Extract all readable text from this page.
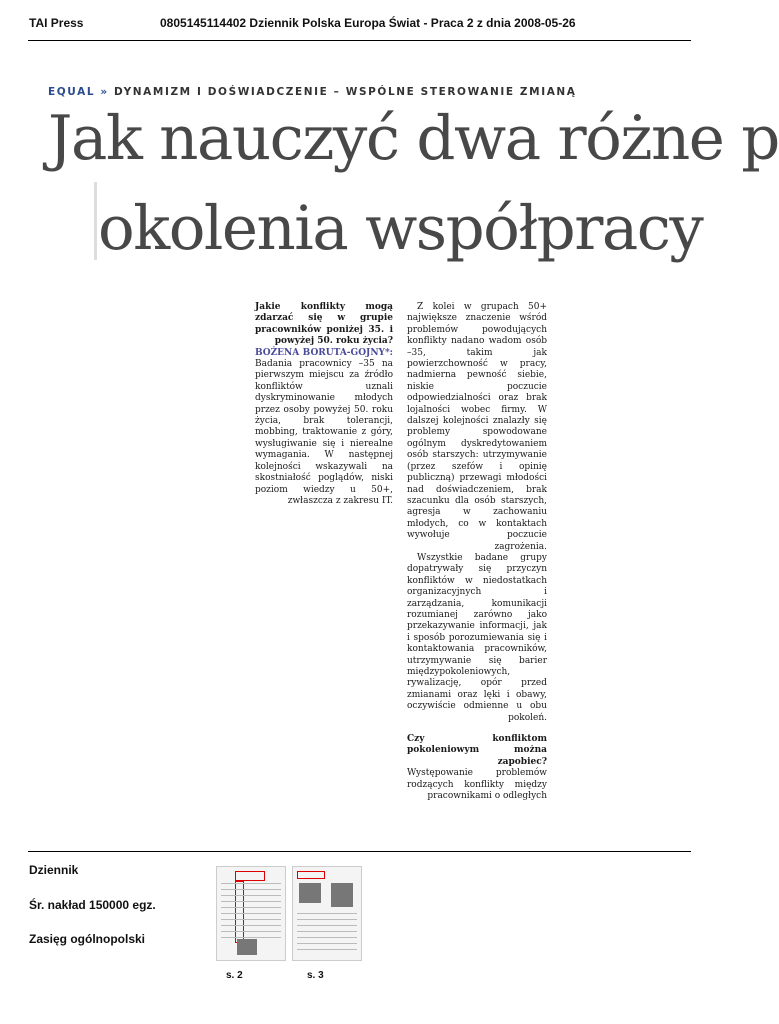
TAI Press	0805145114402 Dziennik Polska Europa Świat - Praca 2 z dnia 2008-05-26
EQUAL » DYNAMIZM I DOŚWIADCZENIE – WSPÓLNE STEROWANIE ZMIANĄ
Jak nauczyć dwa różne p
okolenia współpracy

Jakie konflikty mogą zdarzać się w grupie pracowników poniżej 35. i powyżej 50. roku życia?
BOŻENA BORUTA-GOJNY*: Badania pracownicy –35 na pierwszym miejscu za źródło konfliktów uznali dyskryminowanie młodych przez osoby powyżej 50. roku życia, brak tolerancji, mobbing, traktowanie z góry, wysługiwanie się i nierealne wymagania. W następnej kolejności wskazywali na skostniałość poglądów, niski poziom wiedzy u 50+, zwłaszcza z zakresu IT.

Z kolei w grupach 50+ największe znaczenie wśród problemów powodujących konflikty nadano wadom osób –35, takim jak powierzchowność w pracy, nadmierna pewność siebie, niskie poczucie odpowiedzialności oraz brak lojalności wobec firmy. W dalszej kolejności znalazły się problemy spowodowane ogólnym dyskredytowaniem osób starszych: utrzymywanie (przez szefów i opinię publiczną) przewagi młodości nad doświadczeniem, brak szacunku dla osób starszych, agresja w zachowaniu młodych, co w kontaktach wywołuje poczucie zagrożenia.

Wszystkie badane grupy dopatrywały się przyczyn konfliktów w niedostatkach organizacyjnych i zarządzania, komunikacji rozumianej zarówno jako przekazywanie informacji, jak i sposób porozumiewania się i kontaktowania pracowników, utrzymywanie się barier międzypokoleniowych, rywalizację, opór przed zmianami oraz lęki i obawy, oczywiście odmienne u obu pokoleń.

Czy konfliktom pokoleniowym można zapobiec?
Występowanie problemów rodzących konflikty między pracownikami o odległych

Dziennik
Śr. nakład 150000 egz.
Zasięg ogólnopolski
s. 2	s. 3
